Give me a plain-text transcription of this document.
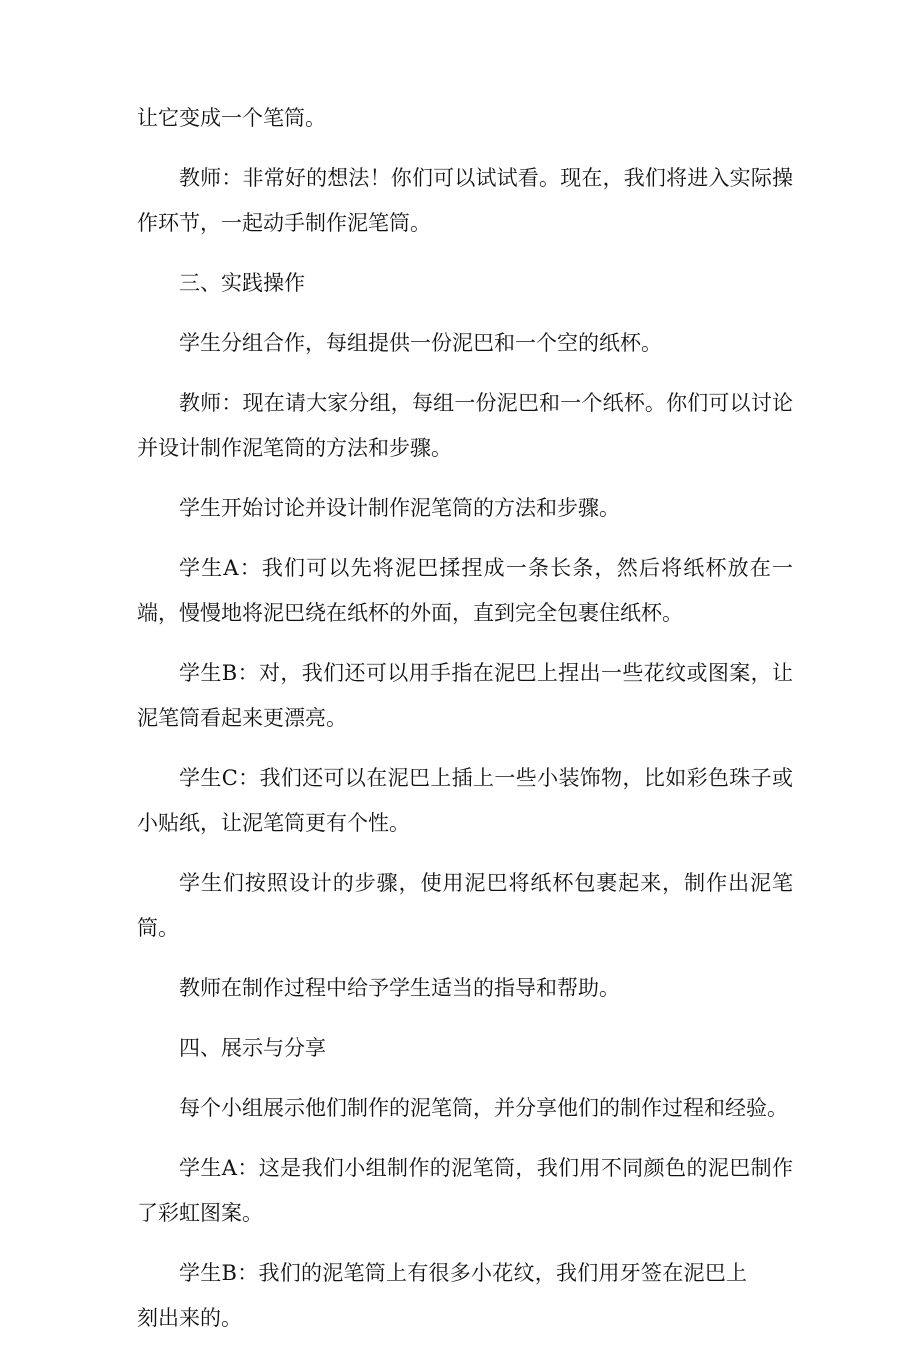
让它变成一个笔筒。

教师：非常好的想法！你们可以试试看。现在，我们将进入实际操作环节，一起动手制作泥笔筒。

三、实践操作

学生分组合作，每组提供一份泥巴和一个空的纸杯。

教师：现在请大家分组，每组一份泥巴和一个纸杯。你们可以讨论并设计制作泥笔筒的方法和步骤。

学生开始讨论并设计制作泥笔筒的方法和步骤。

学生A：我们可以先将泥巴揉捏成一条长条，然后将纸杯放在一端，慢慢地将泥巴绕在纸杯的外面，直到完全包裹住纸杯。

学生B：对，我们还可以用手指在泥巴上捏出一些花纹或图案，让泥笔筒看起来更漂亮。

学生C：我们还可以在泥巴上插上一些小装饰物，比如彩色珠子或小贴纸，让泥笔筒更有个性。

学生们按照设计的步骤，使用泥巴将纸杯包裹起来，制作出泥笔筒。

教师在制作过程中给予学生适当的指导和帮助。

四、展示与分享

每个小组展示他们制作的泥笔筒，并分享他们的制作过程和经验。

学生A：这是我们小组制作的泥笔筒，我们用不同颜色的泥巴制作了彩虹图案。

学生B：我们的泥笔筒上有很多小花纹，我们用牙签在泥巴上刻出来的。
